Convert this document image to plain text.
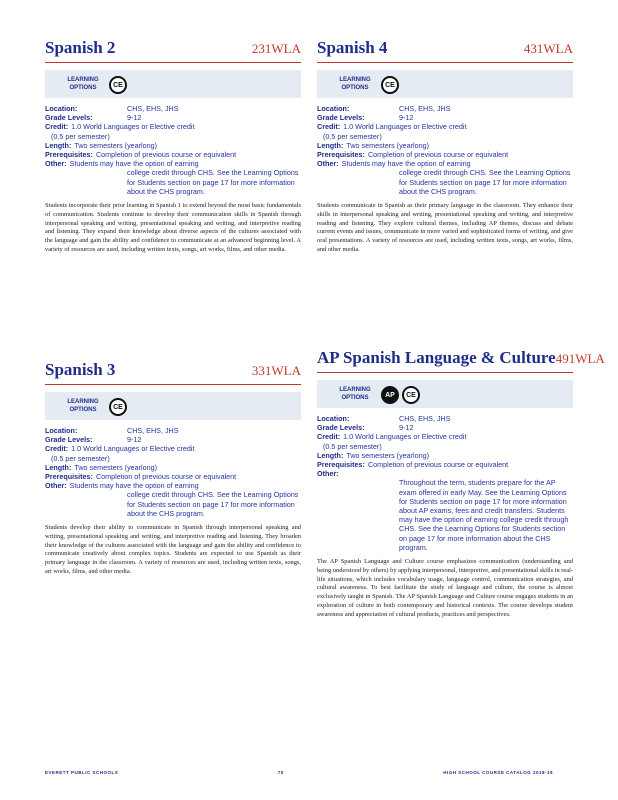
Spanish 2	231WLA
LEARNING OPTIONS	CE
Location:	CHS, EHS, JHS
Grade Levels:	9-12
Credit: 1.0 World Languages or Elective credit
(0.5 per semester)
Length: Two semesters (yearlong)
Prerequisites: Completion of previous course or equivalent
Other: Students may have the option of earning
college credit through CHS. See the Learning Options for Students section on page 17 for more information about the CHS program.
Students incorporate their prior learning in Spanish 1 to extend beyond the most basic fundamentals of communication. Students continue to develop their communication skills in Spanish through interpersonal speaking and writing, presentational speaking and writing, and interpretive reading and listening. They expand their knowledge about diverse aspects of the cultures associated with the language and gain the ability and confidence to communicate at an advanced beginning level. A variety of resources are used, including written texts, songs, art works, films, and other media.
Spanish 3	331WLA
LEARNING OPTIONS	CE
Location:	CHS, EHS, JHS
Grade Levels:	9-12
Credit: 1.0 World Languages or Elective credit
(0.5 per semester)
Length: Two semesters (yearlong)
Prerequisites: Completion of previous course or equivalent
Other: Students may have the option of earning
college credit through CHS. See the Learning Options for Students section on page 17 for more information about the CHS program.
Students develop their ability to communicate in Spanish through interpersonal speaking and writing, presentational speaking and writing, and interpretive reading and listening. They broaden their knowledge of the cultures associated with the language and gain the ability and confidence to communicate creatively about complex topics. Students are expected to use Spanish as their primary language in the classroom. A variety of resources are used, including written texts, songs, art works, films, and other media.
Spanish 4	431WLA
LEARNING OPTIONS	CE
Location:	CHS, EHS, JHS
Grade Levels:	9-12
Credit: 1.0 World Languages or Elective credit
(0.5 per semester)
Length: Two semesters (yearlong)
Prerequisites: Completion of previous course or equivalent
Other: Students may have the option of earning
college credit through CHS. See the Learning Options for Students section on page 17 for more information about the CHS program.
Students communicate in Spanish as their primary language in the classroom. They enhance their skills in interpersonal speaking and writing, presentational speaking and writing, and interpretive reading and listening. They explore cultural themes, including AP themes, discuss and debate current events and issues, communicate in more varied and sophisticated forms of writing, and give oral presentations. A variety of resources are used, including written texts, songs, art works, films, and other media.
AP Spanish Language & Culture 491WLA
LEARNING OPTIONS	AP CE
Location:	CHS, EHS, JHS
Grade Levels:	9-12
Credit: 1.0 World Languages or Elective credit
(0.5 per semester)
Length: Two semesters (yearlong)
Prerequisites: Completion of previous course or equivalent
Other:
Throughout the term, students prepare for the AP exam offered in early May. See the Learning Options for Students section on page 17 for more information about AP exams, fees and credit transfers. Students may have the option of earning college credit through CHS. See the Learning Options for Students section on page 17 for more information about the CHS program.
The AP Spanish Language and Culture course emphasizes communication (understanding and being understood by others) by applying interpersonal, interpretive, and presentational skills in real-life situations, which includes vocabulary usage, language control, communication strategies, and cultural awareness. To best facilitate the study of language and culture, the course is almost exclusively taught in Spanish. The AP Spanish Language and Culture course engages students in an exploration of culture in both contemporary and historical contexts. The course develops student awareness and appreciation of cultural products, practices and perspectives.
EVERETT PUBLIC SCHOOLS	70	HIGH SCHOOL COURSE CATALOG 2018-19
